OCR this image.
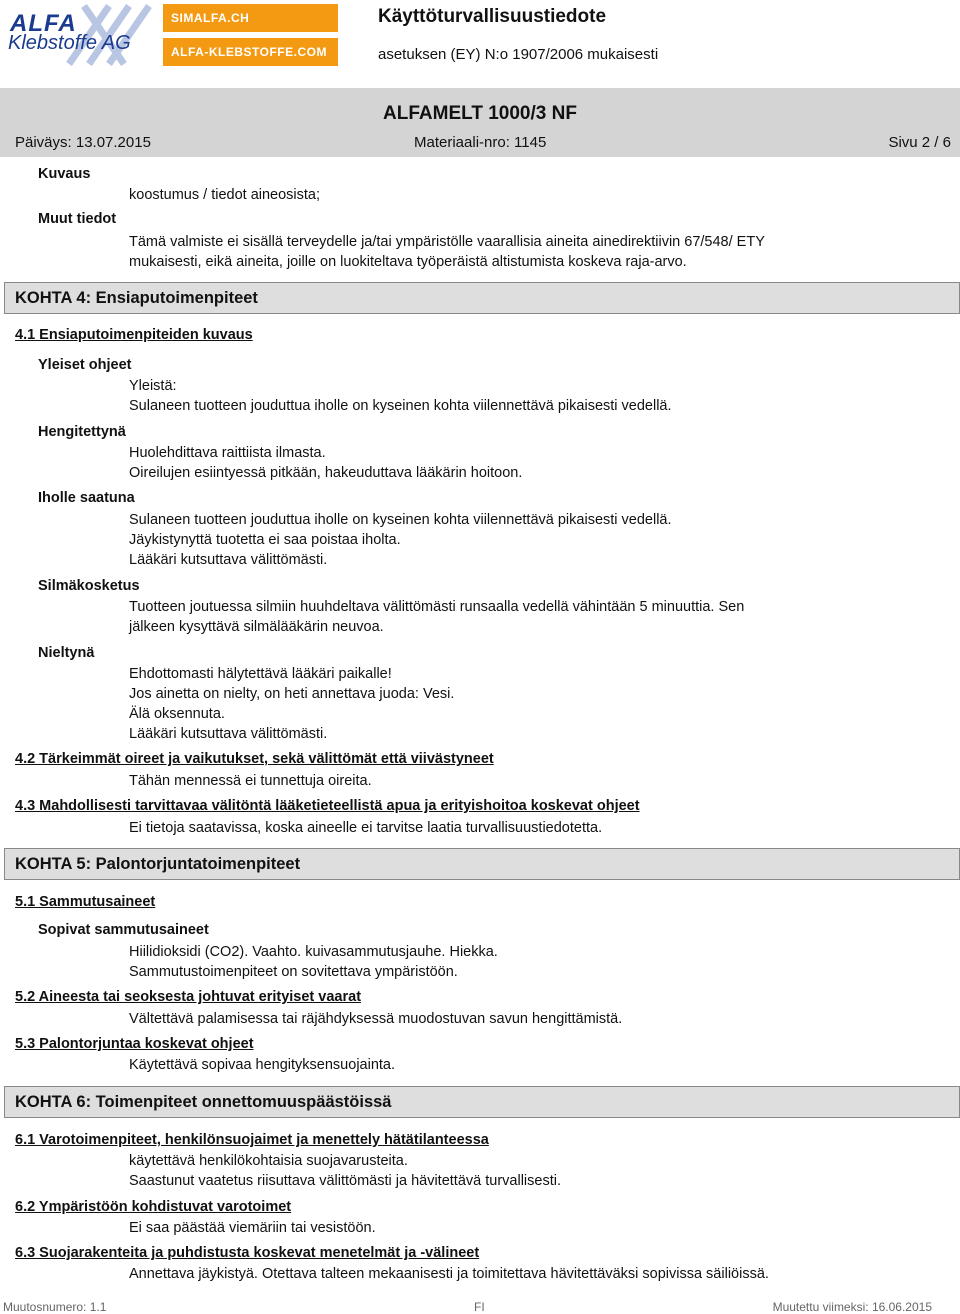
ALFA
Klebstoffe AG
SIMALFA.CH
ALFA-KLEBSTOFFE.COM
Käyttöturvallisuustiedote
asetuksen (EY) N:o 1907/2006 mukaisesti
ALFAMELT 1000/3 NF
Päiväys: 13.07.2015	Materiaali-nro: 1145	Sivu 2 / 6
Kuvaus
koostumus / tiedot aineosista;
Muut tiedot
Tämä valmiste ei sisällä terveydelle ja/tai ympäristölle vaarallisia aineita ainedirektiivin 67/548/ ETY
mukaisesti, eikä aineita, joille on luokiteltava työperäistä altistumista koskeva raja-arvo.
KOHTA 4: Ensiaputoimenpiteet
4.1 Ensiaputoimenpiteiden kuvaus
Yleiset ohjeet
Yleistä:
Sulaneen tuotteen jouduttua iholle on kyseinen kohta viilennettävä pikaisesti vedellä.
Hengitettynä
Huolehdittava raittiista ilmasta.
Oireilujen esiintyessä pitkään, hakeuduttava lääkärin hoitoon.
Iholle saatuna
Sulaneen tuotteen jouduttua iholle on kyseinen kohta viilennettävä pikaisesti vedellä.
Jäykistynyttä tuotetta ei saa poistaa iholta.
Lääkäri kutsuttava välittömästi.
Silmäkosketus
Tuotteen joutuessa silmiin huuhdeltava välittömästi runsaalla vedellä vähintään 5 minuuttia. Sen
jälkeen kysyttävä silmälääkärin neuvoa.
Nieltynä
Ehdottomasti hälytettävä lääkäri paikalle!
Jos ainetta on nielty, on heti annettava juoda: Vesi.
Älä oksennuta.
Lääkäri kutsuttava välittömästi.
4.2 Tärkeimmät oireet ja vaikutukset, sekä välittömät että viivästyneet
Tähän mennessä ei tunnettuja oireita.
4.3 Mahdollisesti tarvittavaa välitöntä lääketieteellistä apua ja erityishoitoa koskevat ohjeet
Ei tietoja saatavissa, koska aineelle ei tarvitse laatia turvallisuustiedotetta.
KOHTA 5: Palontorjuntatoimenpiteet
5.1 Sammutusaineet
Sopivat sammutusaineet
Hiilidioksidi (CO2). Vaahto. kuivasammutusjauhe. Hiekka.
Sammutustoimenpiteet on sovitettava ympäristöön.
5.2 Aineesta tai seoksesta johtuvat erityiset vaarat
Vältettävä palamisessa tai räjähdyksessä muodostuvan savun hengittämistä.
5.3 Palontorjuntaa koskevat ohjeet
Käytettävä sopivaa hengityksensuojainta.
KOHTA 6: Toimenpiteet onnettomuuspäästöissä
6.1 Varotoimenpiteet, henkilönsuojaimet ja menettely hätätilanteessa
käytettävä henkilökohtaisia suojavarusteita.
Saastunut vaatetus riisuttava välittömästi ja hävitettävä turvallisesti.
6.2 Ympäristöön kohdistuvat varotoimet
Ei saa päästää viemäriin tai vesistöön.
6.3 Suojarakenteita ja puhdistusta koskevat menetelmät ja -välineet
Annettava jäykistyä. Otettava talteen mekaanisesti ja toimitettava hävitettäväksi sopivissa säiliöissä.
Muutosnumero: 1.1	FI	Muutettu viimeksi: 16.06.2015
